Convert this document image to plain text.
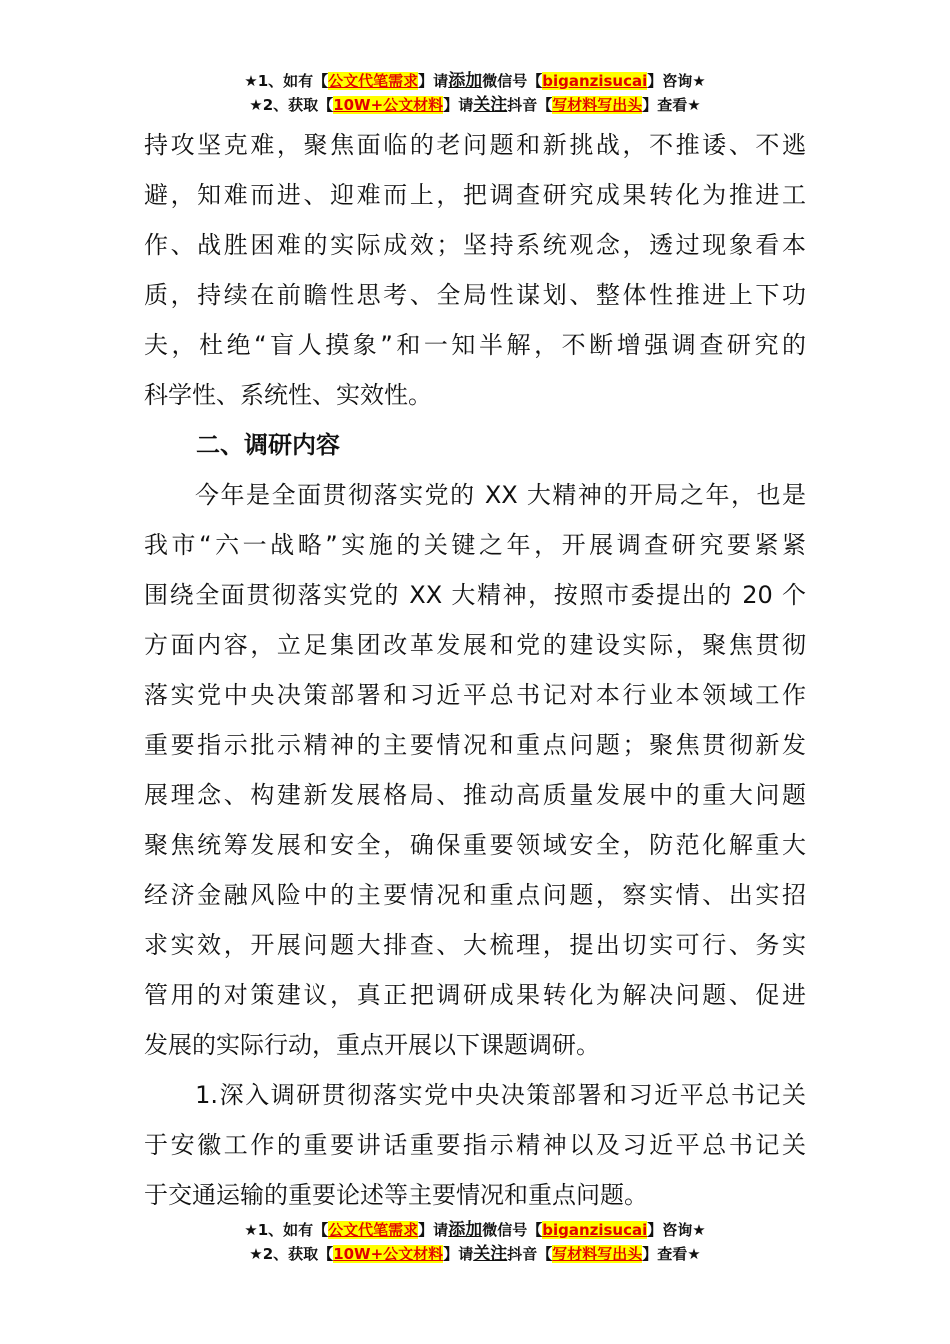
★1、如有【公文代笔需求】请添加微信号【biganzisucai】咨询★
★2、获取【10W+公文材料】请关注抖音【写材料写出头】查看★
持攻坚克难，聚焦面临的老问题和新挑战，不推诿、不逃
避，知难而进、迎难而上，把调查研究成果转化为推进工
作、战胜困难的实际成效；坚持系统观念，透过现象看本
质，持续在前瞻性思考、全局性谋划、整体性推进上下功
夫，杜绝“盲人摸象”和一知半解，不断增强调查研究的
科学性、系统性、实效性。
二、调研内容
　　今年是全面贯彻落实党的 XX 大精神的开局之年，也是
我市“六一战略”实施的关键之年，开展调查研究要紧紧
围绕全面贯彻落实党的 XX 大精神，按照市委提出的 20 个
方面内容，立足集团改革发展和党的建设实际，聚焦贯彻
落实党中央决策部署和习近平总书记对本行业本领域工作
重要指示批示精神的主要情况和重点问题；聚焦贯彻新发
展理念、构建新发展格局、推动高质量发展中的重大问题
聚焦统筹发展和安全，确保重要领域安全，防范化解重大
经济金融风险中的主要情况和重点问题，察实情、出实招
求实效，开展问题大排查、大梳理，提出切实可行、务实
管用的对策建议，真正把调研成果转化为解决问题、促进
发展的实际行动，重点开展以下课题调研。
　　1.深入调研贯彻落实党中央决策部署和习近平总书记关
于安徽工作的重要讲话重要指示精神以及习近平总书记关
于交通运输的重要论述等主要情况和重点问题。
★1、如有【公文代笔需求】请添加微信号【biganzisucai】咨询★
★2、获取【10W+公文材料】请关注抖音【写材料写出头】查看★
